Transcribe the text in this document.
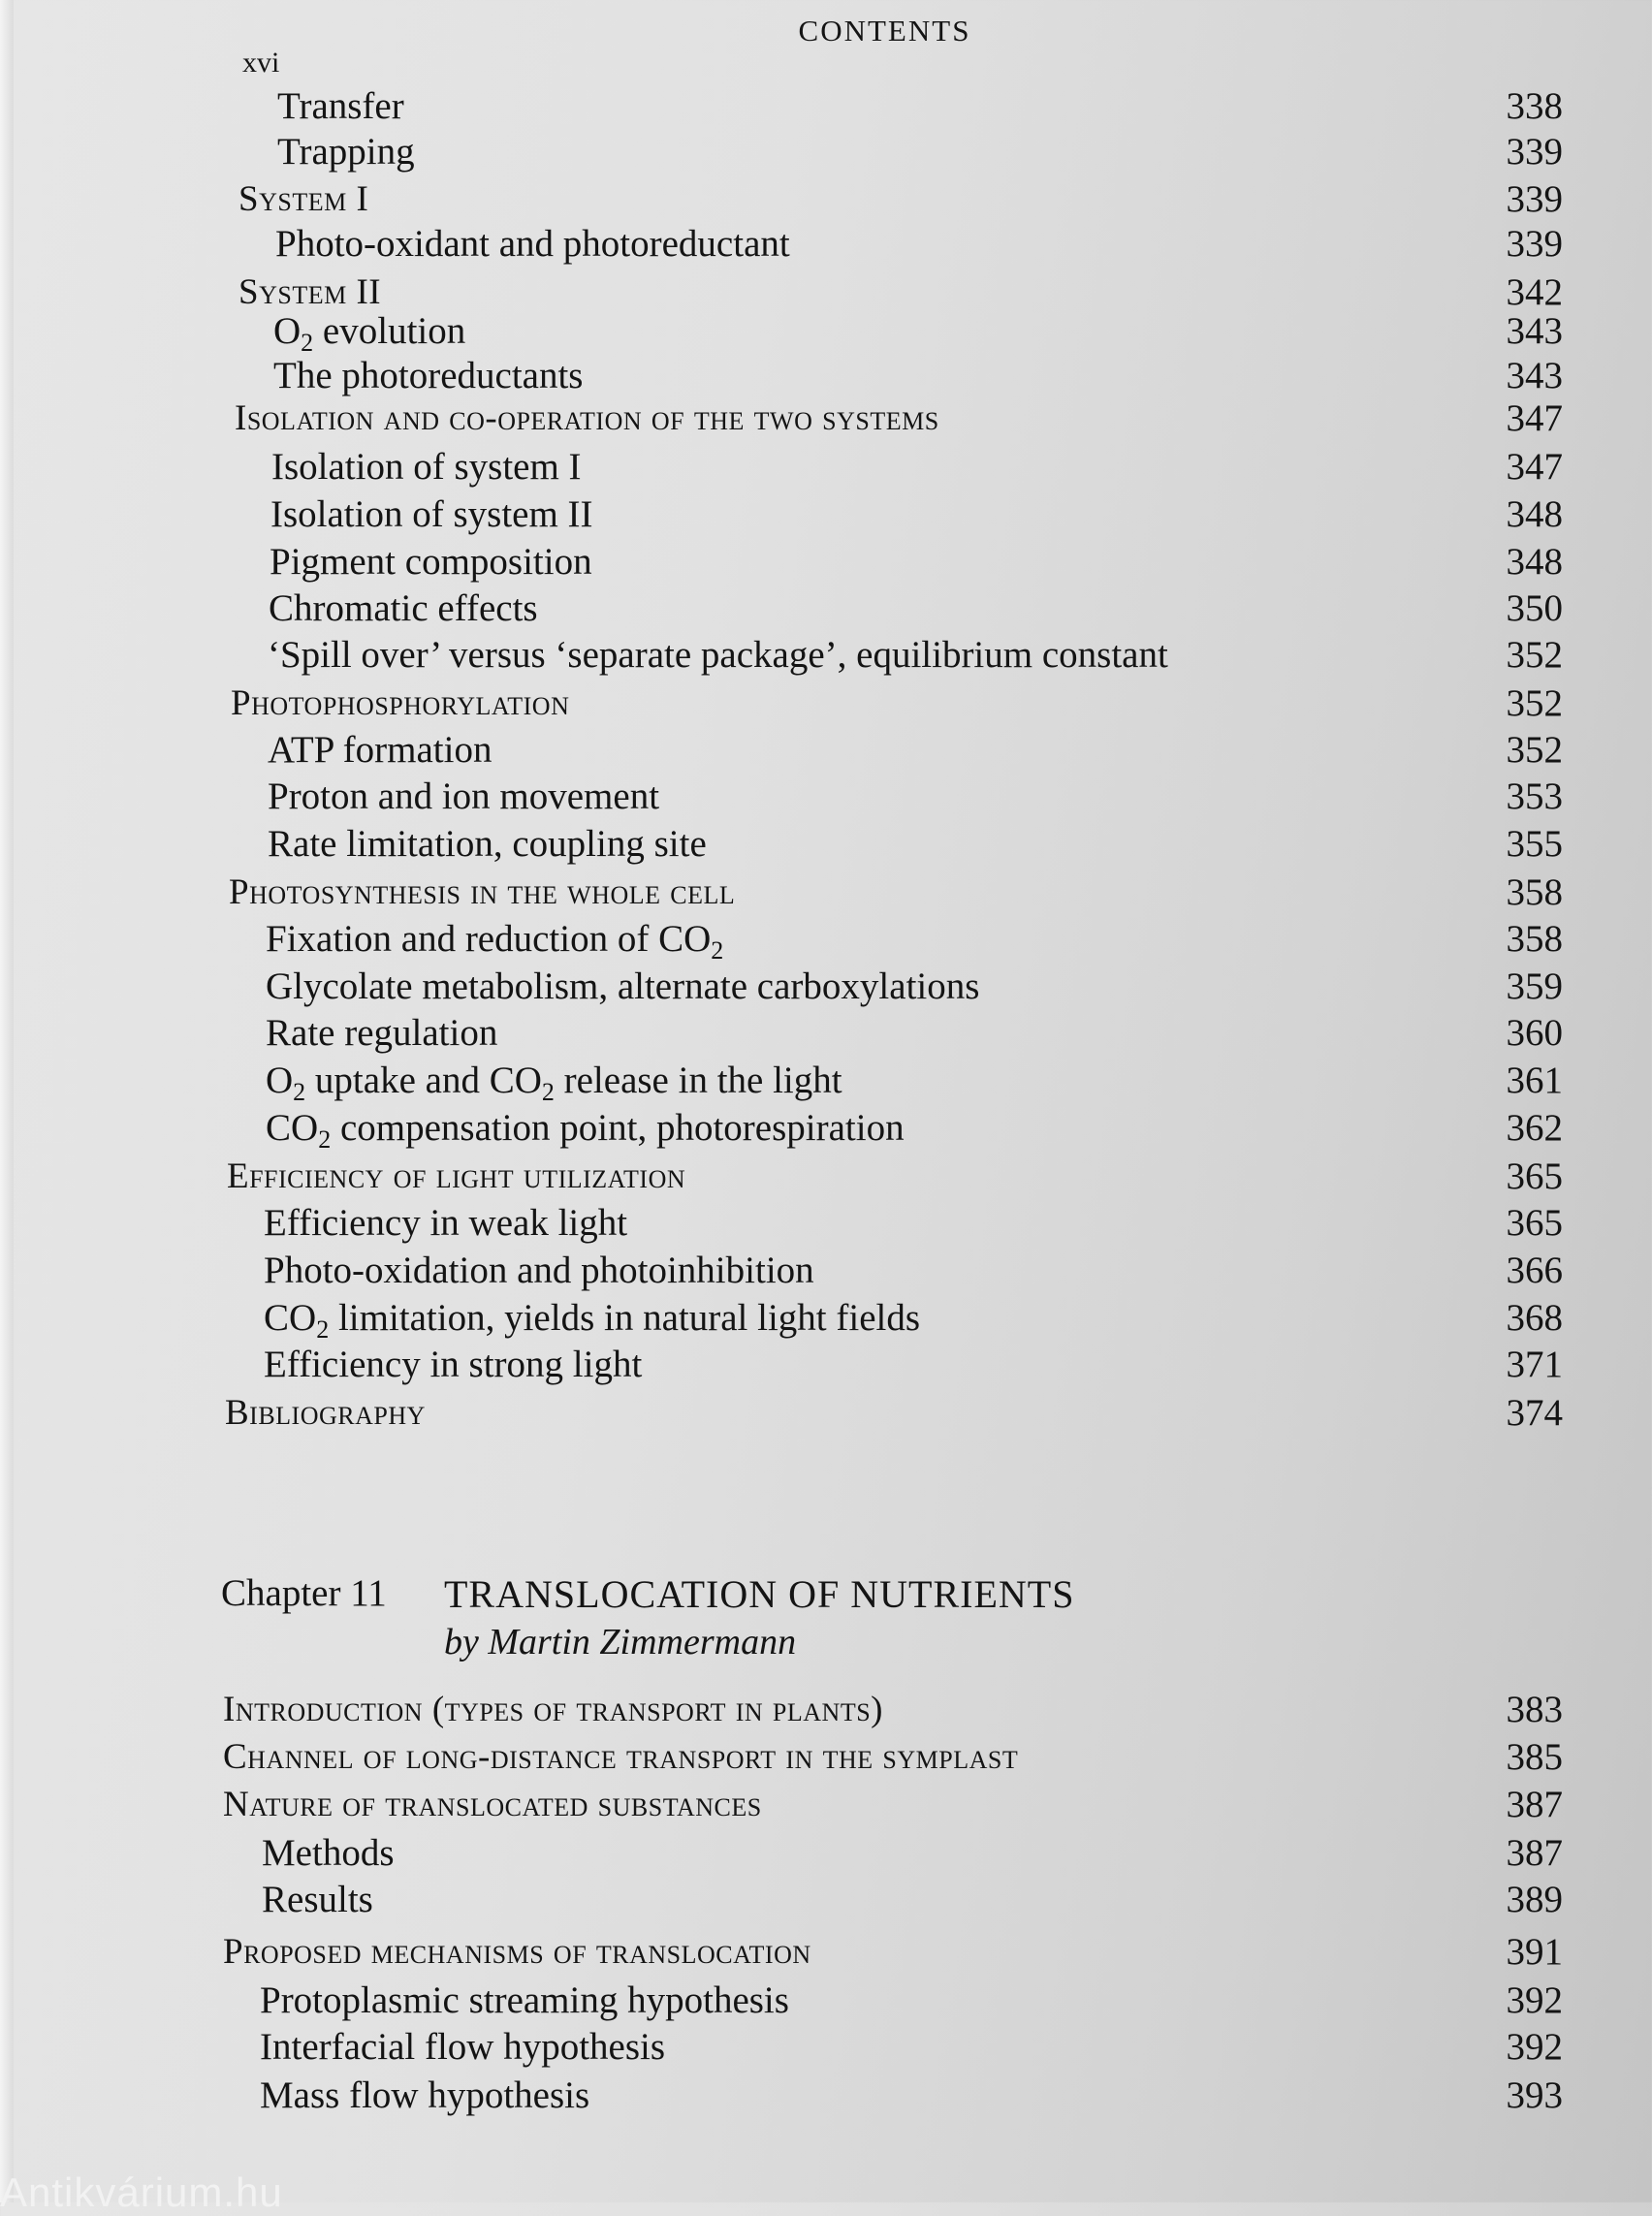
CONTENTS
xvi
Transfer	338
Trapping	339
System I	339
Photo-oxidant and photoreductant	339
System II	342
$O_2$ evolution	343
The photoreductants	343
Isolation and co-operation of the two systems	347
Isolation of system I	347
Isolation of system II	348
Pigment composition	348
Chromatic effects	350
‘Spill over’ versus ‘separate package’, equilibrium constant	352
Photophosphorylation	352
ATP formation	352
Proton and ion movement	353
Rate limitation, coupling site	355
Photosynthesis in the whole cell	358
Fixation and reduction of $CO_2$	358
Glycolate metabolism, alternate carboxylations	359
Rate regulation	360
$O_2$ uptake and $CO_2$ release in the light	361
$CO_2$ compensation point, photorespiration	362
Efficiency of light utilization	365
Efficiency in weak light	365
Photo-oxidation and photoinhibition	366
$CO_2$ limitation, yields in natural light fields	368
Efficiency in strong light	371
Bibliography	374
Chapter 11 TRANSLOCATION OF NUTRIENTS
by Martin Zimmermann
Introduction (types of transport in plants)	383
Channel of long-distance transport in the symplast	385
Nature of translocated substances	387
Methods	387
Results	389
Proposed mechanisms of translocation	391
Protoplasmic streaming hypothesis	392
Interfacial flow hypothesis	392
Mass flow hypothesis	393
Antikvárium.hu
